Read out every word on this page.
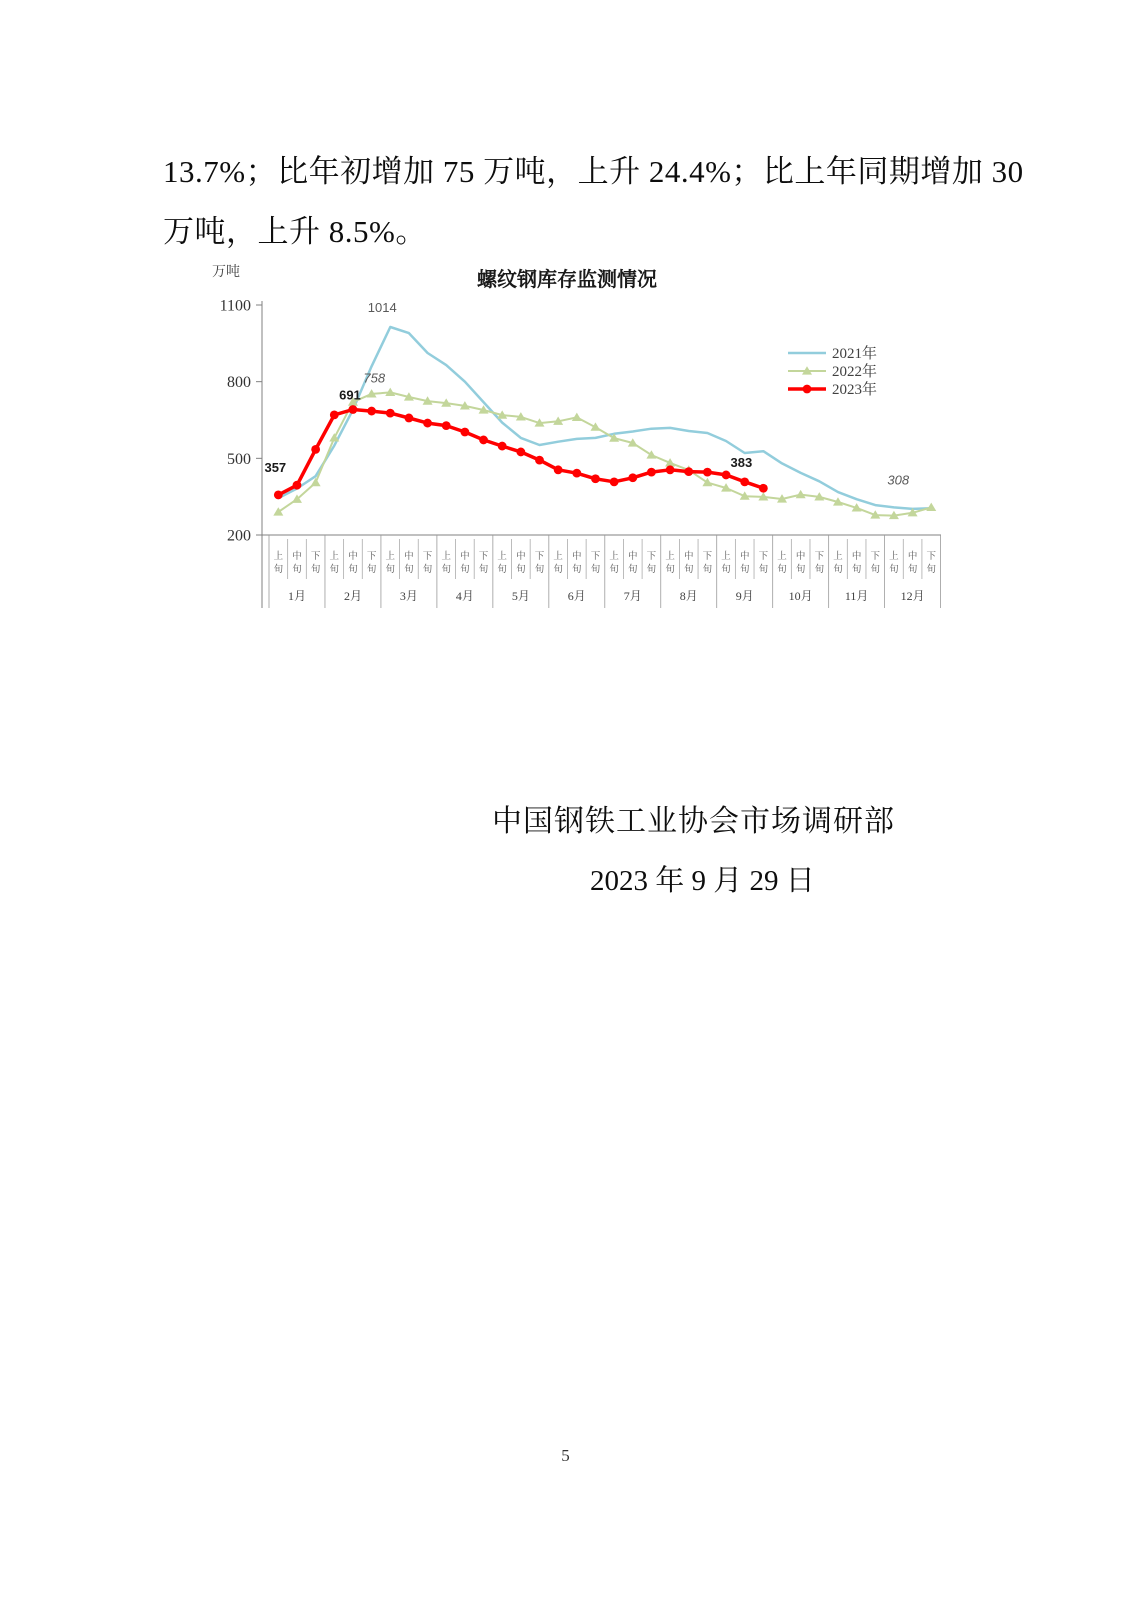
13.7%；比年初增加 75 万吨，上升 24.4%；比上年同期增加 30
万吨，上升 8.5%。
万吨	螺纹钢库存监测情况
1100
800
500
200
上
旬
中
旬
下
旬
上
旬
中
旬
下
旬
上
旬
中
旬
下
旬
上
旬
中
旬
下
旬
上
旬
中
旬
下
旬
上
旬
中
旬
下
旬
上
旬
中
旬
下
旬
上
旬
中
旬
下
旬
上
旬
中
旬
下
旬
上
旬
中
旬
下
旬
上
旬
中
旬
下
旬
上
旬
中
旬
下
旬
1月	2月	3月	4月	5月	6月	7月	8月	9月	10月	11月	12月
357
691
1014
758
383
308
2021年
2022年
2023年
中国钢铁工业协会市场调研部
2023 年 9 月 29 日
5
